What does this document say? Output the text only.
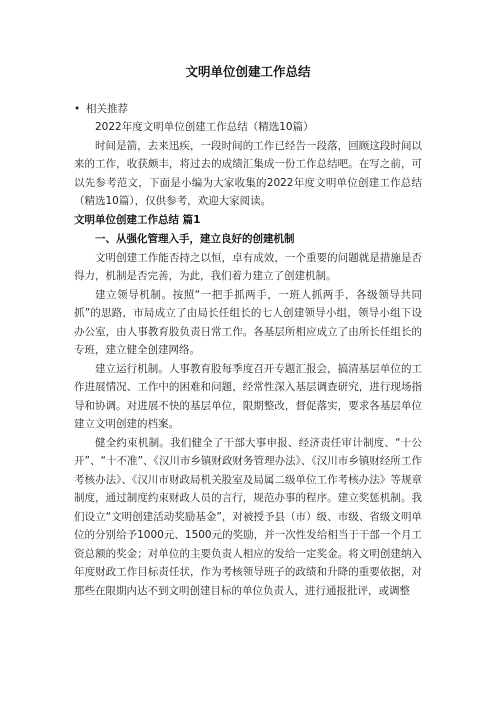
文明单位创建工作总结
• 相关推荐

2022年度文明单位创建工作总结（精选10篇）

时间是箭，去来迅疾，一段时间的工作已经告一段落，回顾这段时间以来的工作，收获颇丰，将过去的成绩汇集成一份工作总结吧。在写之前，可以先参考范文，下面是小编为大家收集的2022年度文明单位创建工作总结（精选10篇），仅供参考，欢迎大家阅读。

文明单位创建工作总结 篇1
一、从强化管理入手，建立良好的创建机制

文明创建工作能否持之以恒，卓有成效，一个重要的问题就是措施是否得力，机制是否完善，为此，我们着力建立了创建机制。

建立领导机制。按照“一把手抓两手，一班人抓两手，各级领导共同抓”的思路，市局成立了由局长任组长的七人创建领导小组，领导小组下设办公室，由人事教育股负责日常工作。各基层所相应成立了由所长任组长的专班，建立健全创建网络。

建立运行机制。人事教育股每季度召开专题汇报会，搞清基层单位的工作进展情况、工作中的困难和问题，经常性深入基层调查研究，进行现场指导和协调。对进展不快的基层单位，限期整改，督促落实，要求各基层单位建立文明创建的档案。

健全约束机制。我们健全了干部大事申报、经济责任审计制度、“十公开”、“十不准”、《汉川市乡镇财政财务管理办法》、《汉川市乡镇财经所工作考核办法》、《汉川市财政局机关股室及局属二级单位工作考核办法》等规章制度，通过制度约束财政人员的言行，规范办事的程序。建立奖惩机制。我们设立“文明创建活动奖励基金”，对被授予县（市）级、市级、省级文明单位的分别给予1000元、1500元的奖励，并一次性发给相当于干部一个月工资总额的奖金；对单位的主要负责人相应的发给一定奖金。将文明创建纳入年度财政工作目标责任状，作为考核领导班子的政绩和升降的重要依据，对那些在限期内达不到文明创建目标的单位负责人，进行通报批评，或调整
